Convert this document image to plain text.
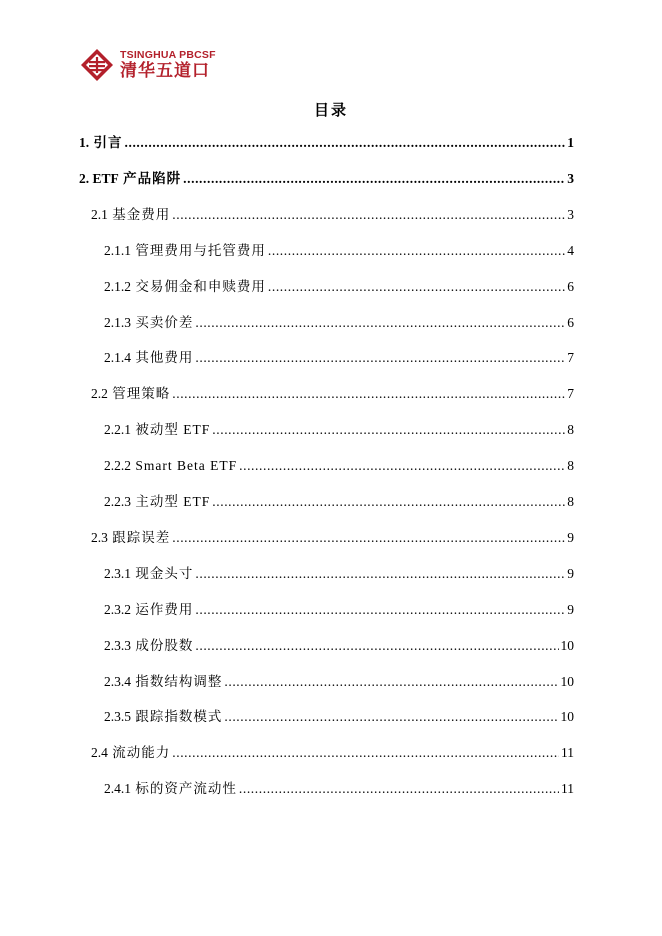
TSINGHUA PBCSF
清华五道口
目录
1. 引言 .....	1
2. ETF 产品陷阱 .....	3
2.1 基金费用 .....	3
2.1.1 管理费用与托管费用 .....	4
2.1.2 交易佣金和申赎费用 .....	6
2.1.3 买卖价差 .....	6
2.1.4 其他费用 .....	7
2.2 管理策略 .....	7
2.2.1 被动型 ETF .....	8
2.2.2 Smart Beta ETF .....	8
2.2.3 主动型 ETF .....	8
2.3 跟踪误差 .....	9
2.3.1 现金头寸 .....	9
2.3.2 运作费用 .....	9
2.3.3 成份股数 .....	10
2.3.4 指数结构调整 .....	10
2.3.5 跟踪指数模式 .....	10
2.4 流动能力 .....	11
2.4.1 标的资产流动性 .....	11
